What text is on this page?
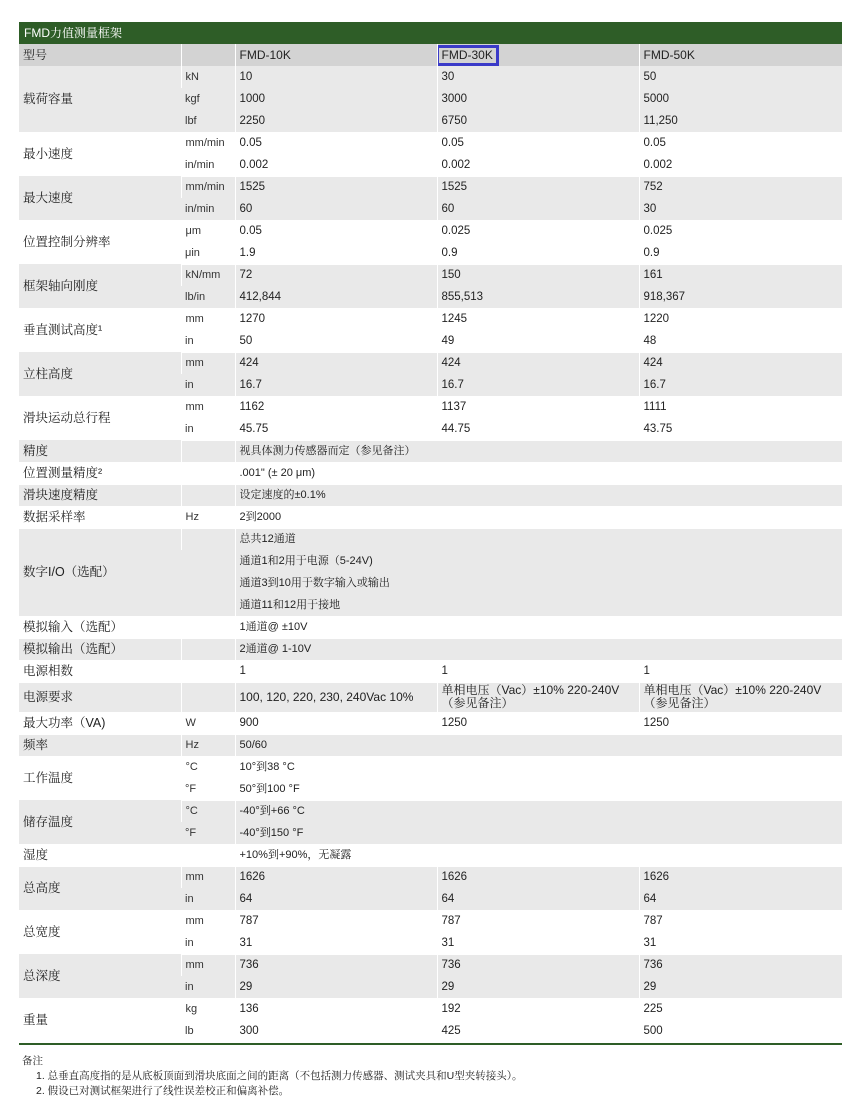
FMD力值测量框架
型号		FMD-10K	FMD-30K	FMD-50K
载荷容量	kN	10	30	50
	kgf	1000	3000	5000
	lbf	2250	6750	11,250
最小速度	mm/min	0.05	0.05	0.05
	in/min	0.002	0.002	0.002
最大速度	mm/min	1525	1525	752
	in/min	60	60	30
位置控制分辨率	μm	0.05	0.025	0.025
	μin	1.9	0.9	0.9
框架轴向刚度	kN/mm	72	150	161
	lb/in	412,844	855,513	918,367
垂直测试高度¹	mm	1270	1245	1220
	in	50	49	48
立柱高度	mm	424	424	424
	in	16.7	16.7	16.7
滑块运动总行程	mm	1162	1137	1111
	in	45.75	44.75	43.75
精度		视具体测力传感器而定（参见备注）		
位置测量精度²		.001" (± 20 μm)		
滑块速度精度		设定速度的±0.1%		
数据采样率	Hz	2到2000		
数字I/O（选配）		总共12通道		
		通道1和2用于电源（5-24V)		
		通道3到10用于数字输入或输出		
		通道11和12用于接地		
模拟输入（选配）		1通道@ ±10V		
模拟输出（选配）		2通道@ 1-10V		
电源相数		1	1	1
电源要求		100, 120, 220, 230, 240Vac 10%	单相电压（Vac）±10% 220-240V（参见备注）	单相电压（Vac）±10% 220-240V（参见备注）
最大功率（VA)	W	900	1250	1250
频率	Hz	50/60		
工作温度	°C	10°到38 °C		
	°F	50°到100 °F		
储存温度	°C	-40°到+66 °C		
	°F	-40°到150 °F		
湿度		+10%到+90%，无凝露		
总高度	mm	1626	1626	1626
	in	64	64	64
总宽度	mm	787	787	787
	in	31	31	31
总深度	mm	736	736	736
	in	29	29	29
重量	kg	136	192	225
	lb	300	425	500
备注
1. 总垂直高度指的是从底板顶面到滑块底面之间的距离（不包括测力传感器、测试夹具和U型夹转接头）。
2. 假设已对测试框架进行了线性误差校正和偏离补偿。
